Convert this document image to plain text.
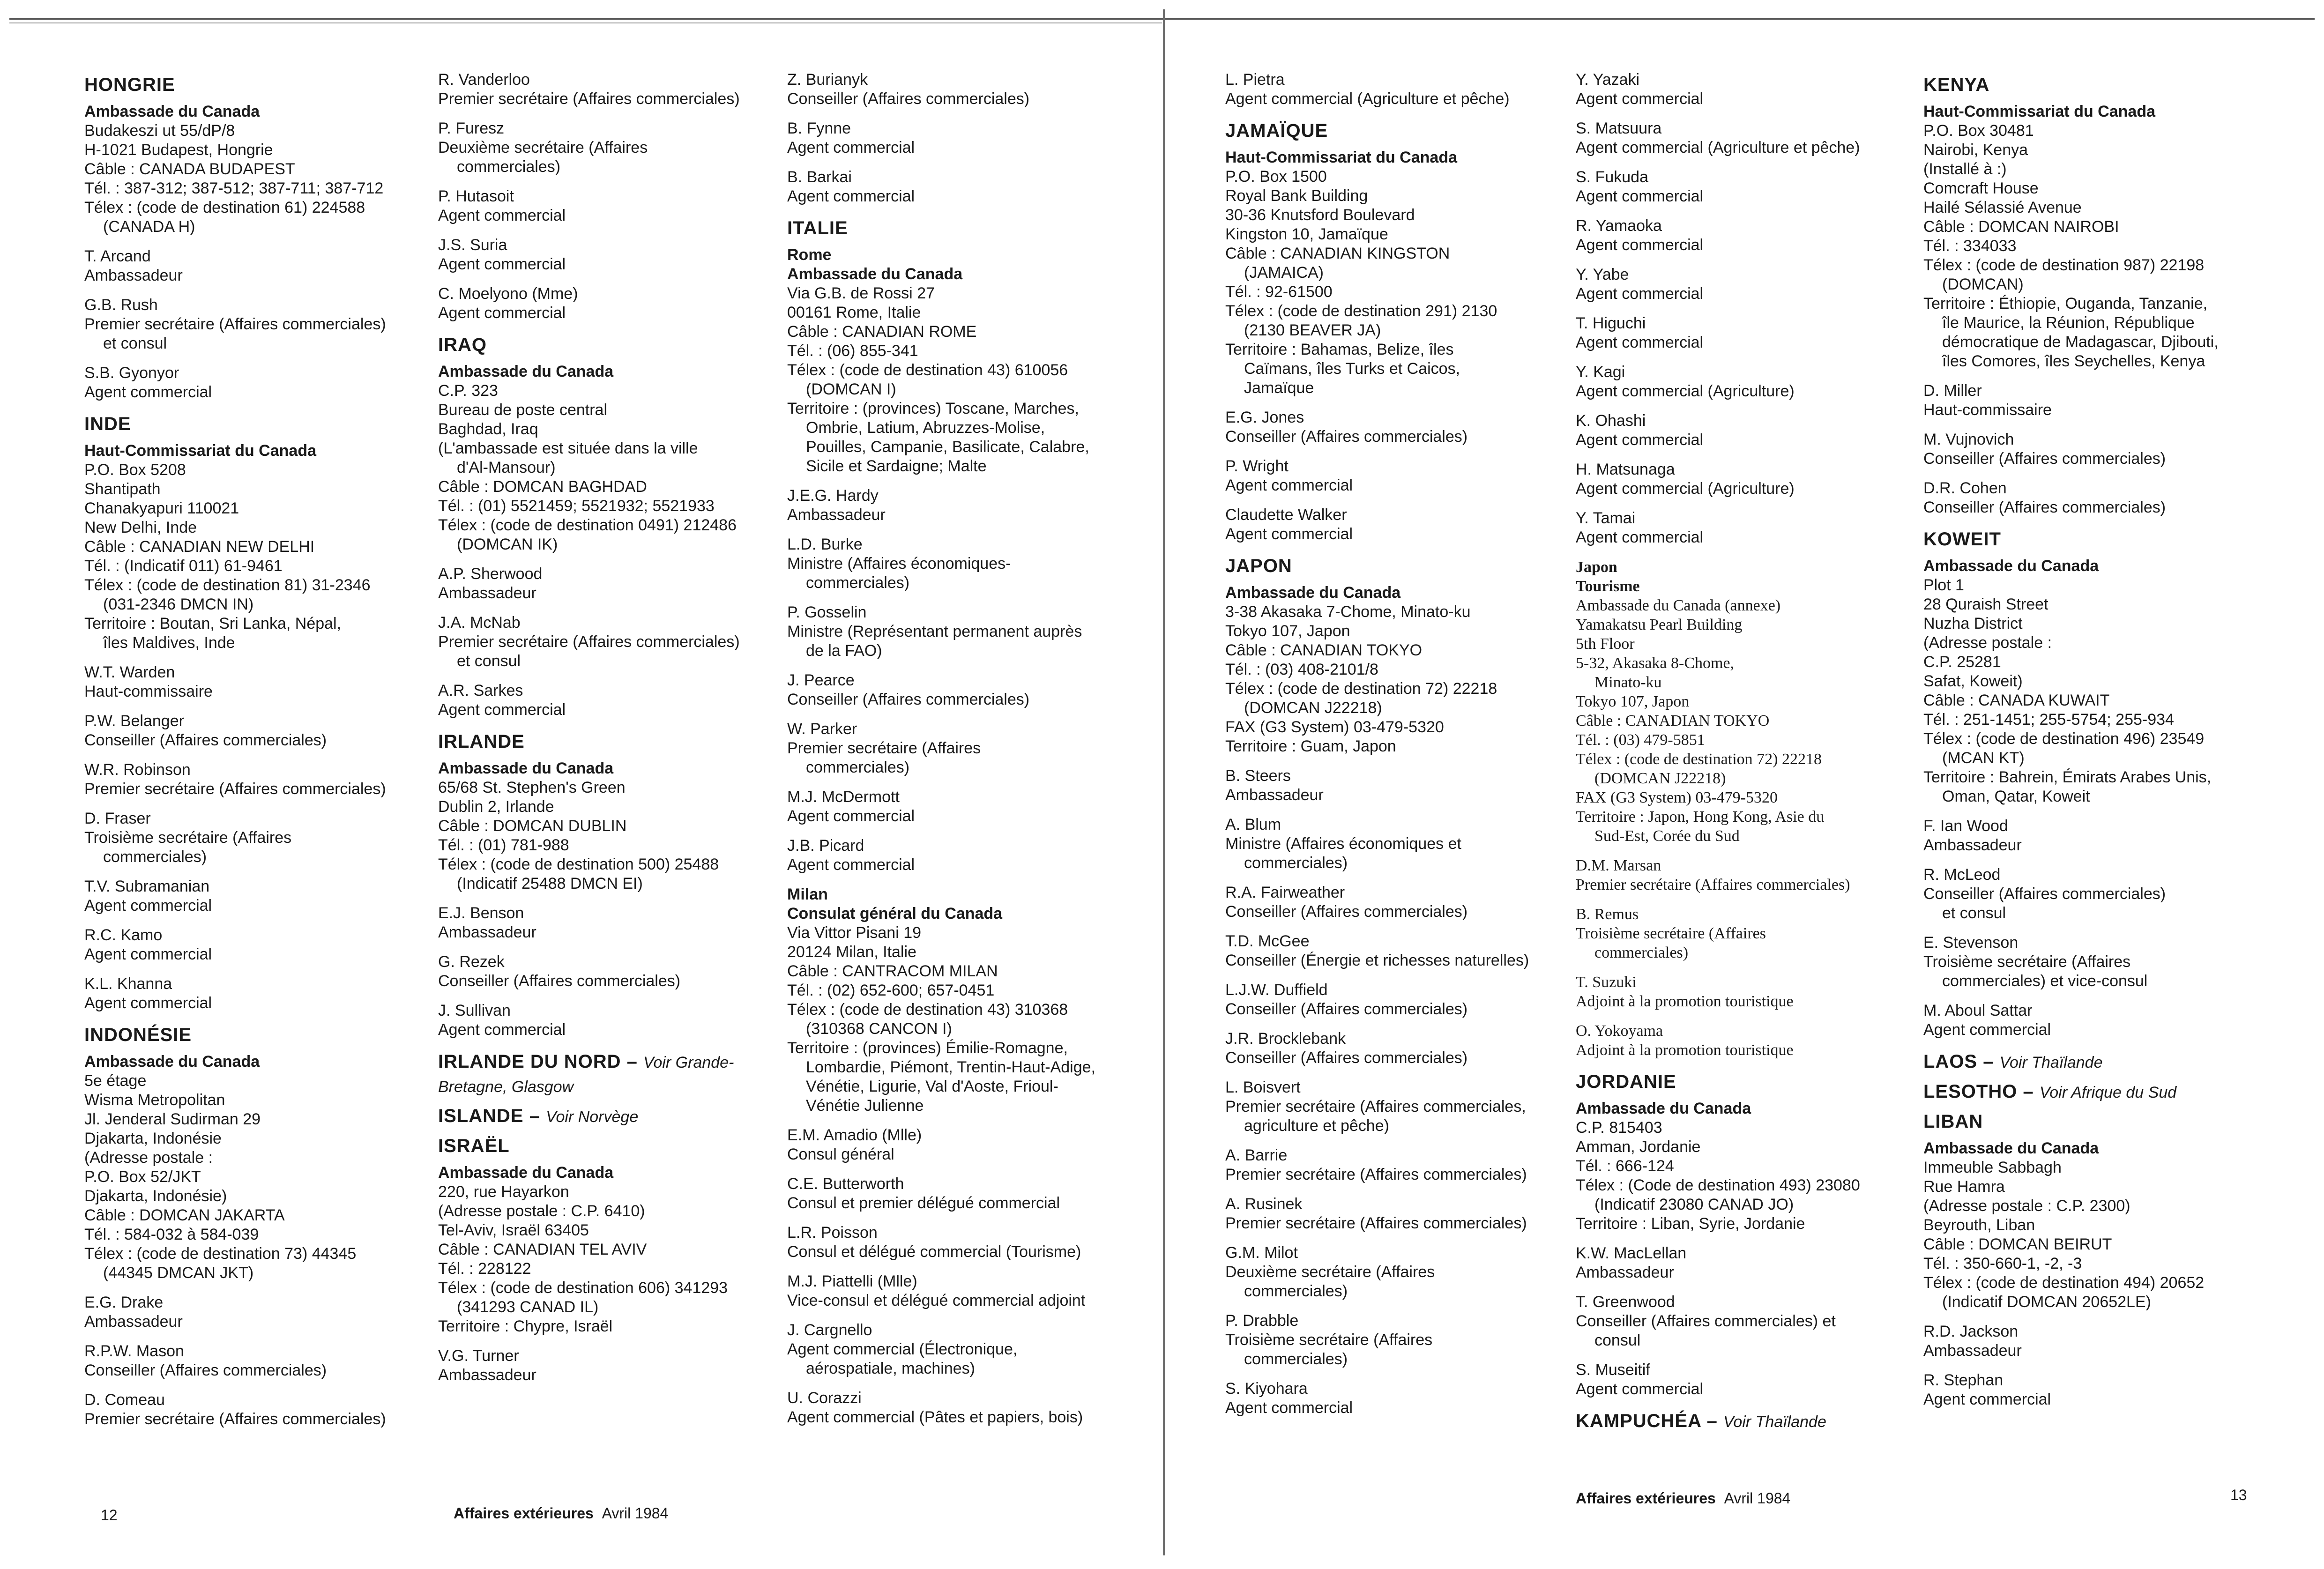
HONGRIE
Ambassade du Canada
Budakeszi ut 55/dP/8
H-1021 Budapest, Hongrie
Câble : CANADA BUDAPEST
Tél. : 387-312; 387-512; 387-711; 387-712
Télex : (code de destination 61) 224588
(CANADA H)
T. Arcand
Ambassadeur
G.B. Rush
Premier secrétaire (Affaires commerciales)
et consul
S.B. Gyonyor
Agent commercial
INDE
Haut-Commissariat du Canada
P.O. Box 5208
Shantipath
Chanakyapuri 110021
New Delhi, Inde
Câble : CANADIAN NEW DELHI
Tél. : (Indicatif 011) 61-9461
Télex : (code de destination 81) 31-2346
(031-2346 DMCN IN)
Territoire : Boutan, Sri Lanka, Népal,
îles Maldives, Inde
W.T. Warden
Haut-commissaire
P.W. Belanger
Conseiller (Affaires commerciales)
W.R. Robinson
Premier secrétaire (Affaires commerciales)
D. Fraser
Troisième secrétaire (Affaires
commerciales)
T.V. Subramanian
Agent commercial
R.C. Kamo
Agent commercial
K.L. Khanna
Agent commercial
INDONÉSIE
Ambassade du Canada
5e étage
Wisma Metropolitan
Jl. Jenderal Sudirman 29
Djakarta, Indonésie
(Adresse postale :
P.O. Box 52/JKT
Djakarta, Indonésie)
Câble : DOMCAN JAKARTA
Tél. : 584-032 à 584-039
Télex : (code de destination 73) 44345
(44345 DMCAN JKT)
E.G. Drake
Ambassadeur
R.P.W. Mason
Conseiller (Affaires commerciales)
D. Comeau
Premier secrétaire (Affaires commerciales)
R. Vanderloo
Premier secrétaire (Affaires commerciales)
P. Furesz
Deuxième secrétaire (Affaires
commerciales)
P. Hutasoit
Agent commercial
J.S. Suria
Agent commercial
C. Moelyono (Mme)
Agent commercial
IRAQ
Ambassade du Canada
C.P. 323
Bureau de poste central
Baghdad, Iraq
(L'ambassade est située dans la ville
d'Al-Mansour)
Câble : DOMCAN BAGHDAD
Tél. : (01) 5521459; 5521932; 5521933
Télex : (code de destination 0491) 212486
(DOMCAN IK)
A.P. Sherwood
Ambassadeur
J.A. McNab
Premier secrétaire (Affaires commerciales)
et consul
A.R. Sarkes
Agent commercial
IRLANDE
Ambassade du Canada
65/68 St. Stephen's Green
Dublin 2, Irlande
Câble : DOMCAN DUBLIN
Tél. : (01) 781-988
Télex : (code de destination 500) 25488
(Indicatif 25488 DMCN EI)
E.J. Benson
Ambassadeur
G. Rezek
Conseiller (Affaires commerciales)
J. Sullivan
Agent commercial
IRLANDE DU NORD – Voir Grande-Bretagne, Glasgow
ISLANDE – Voir Norvège
ISRAËL
Ambassade du Canada
220, rue Hayarkon
(Adresse postale : C.P. 6410)
Tel-Aviv, Israël 63405
Câble : CANADIAN TEL AVIV
Tél. : 228122
Télex : (code de destination 606) 341293
(341293 CANAD IL)
Territoire : Chypre, Israël
V.G. Turner
Ambassadeur
Z. Burianyk
Conseiller (Affaires commerciales)
B. Fynne
Agent commercial
B. Barkai
Agent commercial
ITALIE
Rome
Ambassade du Canada
Via G.B. de Rossi 27
00161 Rome, Italie
Câble : CANADIAN ROME
Tél. : (06) 855-341
Télex : (code de destination 43) 610056
(DOMCAN I)
Territoire : (provinces) Toscane, Marches,
Ombrie, Latium, Abruzzes-Molise,
Pouilles, Campanie, Basilicate, Calabre,
Sicile et Sardaigne; Malte
J.E.G. Hardy
Ambassadeur
L.D. Burke
Ministre (Affaires économiques-
commerciales)
P. Gosselin
Ministre (Représentant permanent auprès
de la FAO)
J. Pearce
Conseiller (Affaires commerciales)
W. Parker
Premier secrétaire (Affaires
commerciales)
M.J. McDermott
Agent commercial
J.B. Picard
Agent commercial
Milan
Consulat général du Canada
Via Vittor Pisani 19
20124 Milan, Italie
Câble : CANTRACOM MILAN
Tél. : (02) 652-600; 657-0451
Télex : (code de destination 43) 310368
(310368 CANCON I)
Territoire : (provinces) Émilie-Romagne,
Lombardie, Piémont, Trentin-Haut-Adige,
Vénétie, Ligurie, Val d'Aoste, Frioul-
Vénétie Julienne
E.M. Amadio (Mlle)
Consul général
C.E. Butterworth
Consul et premier délégué commercial
L.R. Poisson
Consul et délégué commercial (Tourisme)
M.J. Piattelli (Mlle)
Vice-consul et délégué commercial adjoint
J. Cargnello
Agent commercial (Électronique,
aérospatiale, machines)
U. Corazzi
Agent commercial (Pâtes et papiers, bois)
L. Pietra
Agent commercial (Agriculture et pêche)
JAMAÏQUE
Haut-Commissariat du Canada
P.O. Box 1500
Royal Bank Building
30-36 Knutsford Boulevard
Kingston 10, Jamaïque
Câble : CANADIAN KINGSTON
(JAMAICA)
Tél. : 92-61500
Télex : (code de destination 291) 2130
(2130 BEAVER JA)
Territoire : Bahamas, Belize, îles
Caïmans, îles Turks et Caicos,
Jamaïque
E.G. Jones
Conseiller (Affaires commerciales)
P. Wright
Agent commercial
Claudette Walker
Agent commercial
JAPON
Ambassade du Canada
3-38 Akasaka 7-Chome, Minato-ku
Tokyo 107, Japon
Câble : CANADIAN TOKYO
Tél. : (03) 408-2101/8
Télex : (code de destination 72) 22218
(DOMCAN J22218)
FAX (G3 System) 03-479-5320
Territoire : Guam, Japon
B. Steers
Ambassadeur
A. Blum
Ministre (Affaires économiques et
commerciales)
R.A. Fairweather
Conseiller (Affaires commerciales)
T.D. McGee
Conseiller (Énergie et richesses naturelles)
L.J.W. Duffield
Conseiller (Affaires commerciales)
J.R. Brocklebank
Conseiller (Affaires commerciales)
L. Boisvert
Premier secrétaire (Affaires commerciales,
agriculture et pêche)
A. Barrie
Premier secrétaire (Affaires commerciales)
A. Rusinek
Premier secrétaire (Affaires commerciales)
G.M. Milot
Deuxième secrétaire (Affaires
commerciales)
P. Drabble
Troisième secrétaire (Affaires
commerciales)
S. Kiyohara
Agent commercial
Y. Yazaki
Agent commercial
S. Matsuura
Agent commercial (Agriculture et pêche)
S. Fukuda
Agent commercial
R. Yamaoka
Agent commercial
Y. Yabe
Agent commercial
T. Higuchi
Agent commercial
Y. Kagi
Agent commercial (Agriculture)
K. Ohashi
Agent commercial
H. Matsunaga
Agent commercial (Agriculture)
Y. Tamai
Agent commercial
Japon
Tourisme
Ambassade du Canada (annexe)
Yamakatsu Pearl Building
5th Floor
5-32, Akasaka 8-Chome,
Minato-ku
Tokyo 107, Japon
Câble : CANADIAN TOKYO
Tél. : (03) 479-5851
Télex : (code de destination 72) 22218
(DOMCAN J22218)
FAX (G3 System) 03-479-5320
Territoire : Japon, Hong Kong, Asie du
Sud-Est, Corée du Sud
D.M. Marsan
Premier secrétaire (Affaires commerciales)
B. Remus
Troisième secrétaire (Affaires
commerciales)
T. Suzuki
Adjoint à la promotion touristique
O. Yokoyama
Adjoint à la promotion touristique
JORDANIE
Ambassade du Canada
C.P. 815403
Amman, Jordanie
Tél. : 666-124
Télex : (Code de destination 493) 23080
(Indicatif 23080 CANAD JO)
Territoire : Liban, Syrie, Jordanie
K.W. MacLellan
Ambassadeur
T. Greenwood
Conseiller (Affaires commerciales) et
consul
S. Museitif
Agent commercial
KAMPUCHÉA – Voir Thaïlande
KENYA
Haut-Commissariat du Canada
P.O. Box 30481
Nairobi, Kenya
(Installé à :)
Comcraft House
Hailé Sélassié Avenue
Câble : DOMCAN NAIROBI
Tél. : 334033
Télex : (code de destination 987) 22198
(DOMCAN)
Territoire : Éthiopie, Ouganda, Tanzanie,
île Maurice, la Réunion, République
démocratique de Madagascar, Djibouti,
îles Comores, îles Seychelles, Kenya
D. Miller
Haut-commissaire
M. Vujnovich
Conseiller (Affaires commerciales)
D.R. Cohen
Conseiller (Affaires commerciales)
KOWEIT
Ambassade du Canada
Plot 1
28 Quraish Street
Nuzha District
(Adresse postale :
C.P. 25281
Safat, Koweit)
Câble : CANADA KUWAIT
Tél. : 251-1451; 255-5754; 255-934
Télex : (code de destination 496) 23549
(MCAN KT)
Territoire : Bahrein, Émirats Arabes Unis,
Oman, Qatar, Koweit
F. Ian Wood
Ambassadeur
R. McLeod
Conseiller (Affaires commerciales)
et consul
E. Stevenson
Troisième secrétaire (Affaires
commerciales) et vice-consul
M. Aboul Sattar
Agent commercial
LAOS – Voir Thaïlande
LESOTHO – Voir Afrique du Sud
LIBAN
Ambassade du Canada
Immeuble Sabbagh
Rue Hamra
(Adresse postale : C.P. 2300)
Beyrouth, Liban
Câble : DOMCAN BEIRUT
Tél. : 350-660-1, -2, -3
Télex : (code de destination 494) 20652
(Indicatif DOMCAN 20652LE)
R.D. Jackson
Ambassadeur
R. Stephan
Agent commercial
12	Affaires extérieures Avril 1984
Affaires extérieures Avril 1984	13
